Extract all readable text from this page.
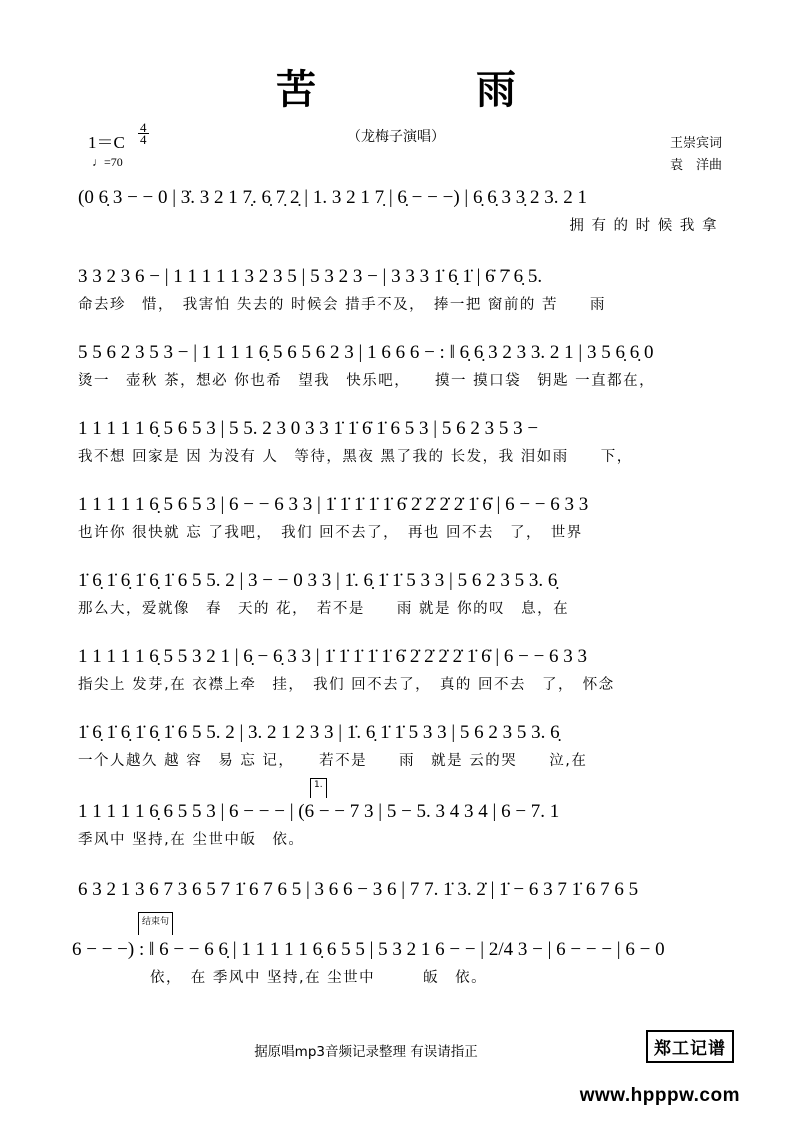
苦　雨
（龙梅子演唱）
$1=C \frac{4}{4}$
♩=70
王崇宾词
袁　洋曲
(0 6̣ 3 − − 0 | 3̇. 3 2 1 7̣. 6̣ 7̣ 2̣ | 1. 3 2 1 7̣ | 6̣ − − −) | 6̣ 6̣ 3 3̣ 2 3. 2 1
拥 有 的 时 候 我 拿
3 3 2 3 6 − | 1 1 1 1 1 3 2 3 5 | 5 3 2 3 − | 3 3 3 1̇ 6̣ 1̇ | 6̇ 7̇ 6̣ 5.
命去珍　惜，　我害怕 失去的 时候会 措手不及，　捧一把 窗前的 苦　　雨
5 5 6 2 3 5 3 − | 1 1 1 1 6̣ 5 6 5 6 2 3 | 1 6 6 6 − : ‖ 6̣ 6̣ 3 2 3 3. 2 1 | 3 5 6̣ 6̣ 0
烫一　壶秋 茶，想必 你也希　望我　快乐吧，　　摸一 摸口袋　钥匙 一直都在，
1 1 1 1 1 6̣ 5 6 5 3 | 5 5. 2 3 0 3 3 1̇ 1̇ 6̇ 1̇ 6 5 3 | 5 6 2 3 5 3 −
我不想 回家是 因 为没有 人　等待，黑夜 黑了我的 长发，我 泪如雨　　下，
1 1 1 1 1 6̣ 5 6 5 3 | 6 − − 6 3 3 | 1̇ 1̇ 1̇ 1̇ 1̇ 6̇ 2̇ 2̇ 2̇ 2̇ 1̇ 6̇ | 6 − − 6 3 3
也许你 很快就 忘 了我吧，　我们 回不去了，　再也 回不去　了，　世界
1̇ 6̣ 1̇ 6̣ 1̇ 6̣ 1̇ 6 5 5. 2 | 3 − − 0 3 3 | 1̇. 6̣ 1̇ 1̇ 5 3 3 | 5 6 2 3 5 3. 6̣
那么大，爱就像　春　天的 花，　若不是　　雨 就是 你的叹　息，在
1 1 1 1 1 6̣ 5 5 3 2 1 | 6̣ − 6̣ 3 3 | 1̇ 1̇ 1̇ 1̇ 1̇ 6̇ 2̇ 2̇ 2̇ 2̇ 1̇ 6̇ | 6 − − 6 3 3
指尖上 发芽,在 衣襟上牵　挂，　我们 回不去了，　真的 回不去　了，　怀念
1̇ 6̣ 1̇ 6̣ 1̇ 6̣ 1̇ 6 5 5. 2 | 3. 2 1 2 3 3 | 1̇. 6̣ 1̇ 1̇ 5 3 3 | 5 6 2 3 5 3. 6̣
一个人越久 越 容　易 忘 记，　　若不是　　雨　就是 云的哭　　泣,在
1.
1 1 1 1 1 6̣ 6 5 5 3 | 6 − − − | (6 − − 7 3 | 5 − 5. 3 4 3 4 | 6 − 7. 1
季风中 坚持,在 尘世中皈　依。
6 3 2 1 3 6 7 3 6 5 7 1̇ 6 7 6 5 | 3 6 6 − 3 6 | 7 7. 1̇ 3. 2̇ | 1̇ − 6 3 7 1̇ 6 7 6 5
结束句
6 − − −) : ‖ 6 − − 6 6̣ | 1 1 1 1 1 6̣ 6 5 5 | 5 3 2 1 6 − − | 2/4 3 − | 6 − − − | 6 − 0
依，　在 季风中 坚持,在 尘世中　　　皈　依。
据原唱mp3音频记录整理 有误请指正	郑工记谱
www.hpppw.com
